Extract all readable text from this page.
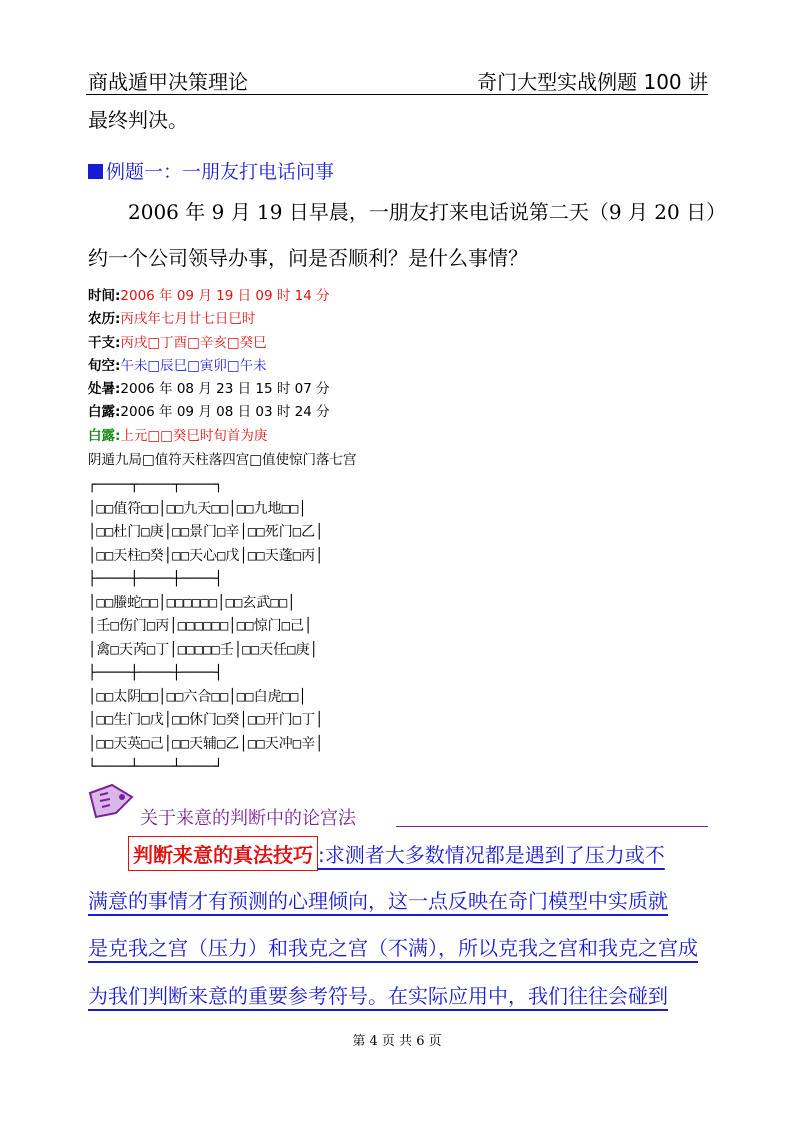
商战遁甲决策理论	奇门大型实战例题 100 讲
最终判决。
例题一：一朋友打电话问事
2006 年 9 月 19 日早晨，一朋友打来电话说第二天（9 月 20 日）
约一个公司领导办事，问是否顺利？是什么事情？
时间:2006 年 09 月 19 日 09 时 14 分
农历:丙戌年七月廿七日巳时
干支:丙戌□丁酉□辛亥□癸巳
旬空:午未□辰巳□寅卯□午未
处暑:2006 年 08 月 23 日 15 时 07 分
白露:2006 年 09 月 08 日 03 时 24 分
白露:上元□□癸巳时旬首为庚
阴遁九局□值符天柱落四宫□值使惊门落七宫
┌────┬────┬────┐
│□□值符□□│□□九天□□│□□九地□□│
│□□杜门□庚│□□景门□辛│□□死门□乙│
│□□天柱□癸│□□天心□戊│□□天蓬□丙│
├────┼────┼────┤
│□□螣蛇□□│□□□□□□│□□玄武□□│
│壬□伤门□丙│□□□□□□│□□惊门□己│
│禽□天芮□丁│□□□□□壬│□□天任□庚│
├────┼────┼────┤
│□□太阴□□│□□六合□□│□□白虎□□│
│□□生门□戊│□□休门□癸│□□开门□丁│
│□□天英□己│□□天辅□乙│□□天冲□辛│
└────┴────┴────┘
关于来意的判断中的论宫法
判断来意的真法技巧 :求测者大多数情况都是遇到了压力或不
满意的事情才有预测的心理倾向，这一点反映在奇门模型中实质就
是克我之宫（压力）和我克之宫（不满），所以克我之宫和我克之宫成
为我们判断来意的重要参考符号。在实际应用中，我们往往会碰到
第 4 页 共 6 页
